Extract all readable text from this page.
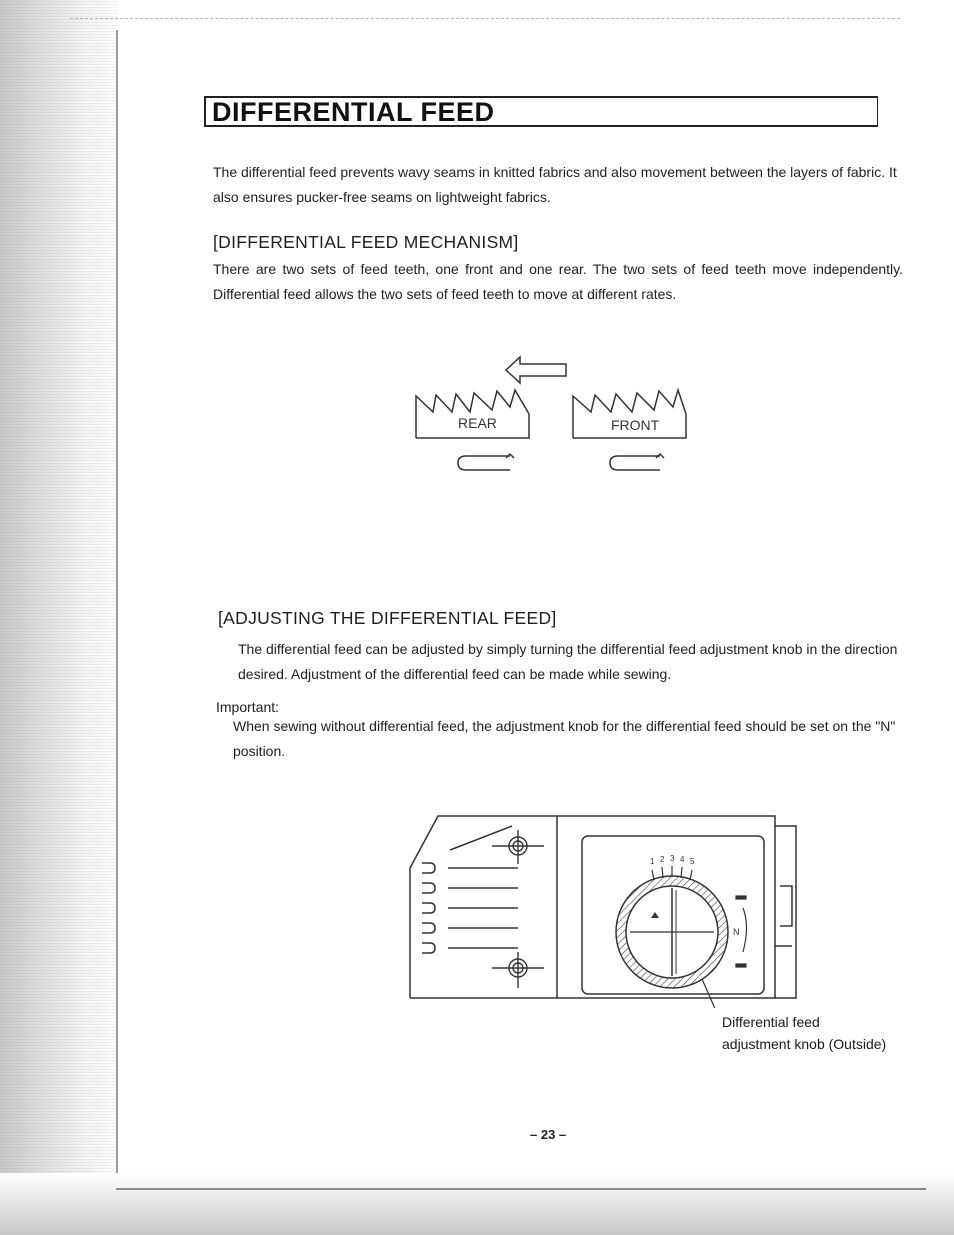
DIFFERENTIAL FEED

The differential feed prevents wavy seams in knitted fabrics and also movement between the layers of fabric. It also ensures pucker-free seams on lightweight fabrics.

[DIFFERENTIAL FEED MECHANISM]

There are two sets of feed teeth, one front and one rear. The two sets of feed teeth move independently. Differential feed allows the two sets of feed teeth to move at different rates.

REAR	FRONT

[ADJUSTING THE DIFFERENTIAL FEED]

The differential feed can be adjusted by simply turning the differential feed adjustment knob in the direction desired. Adjustment of the differential feed can be made while sewing.

Important:

When sewing without differential feed, the adjustment knob for the differential feed should be set on the "N" position.

1 2 3 4 5
N

Differential feed
adjustment knob (Outside)

– 23 –
